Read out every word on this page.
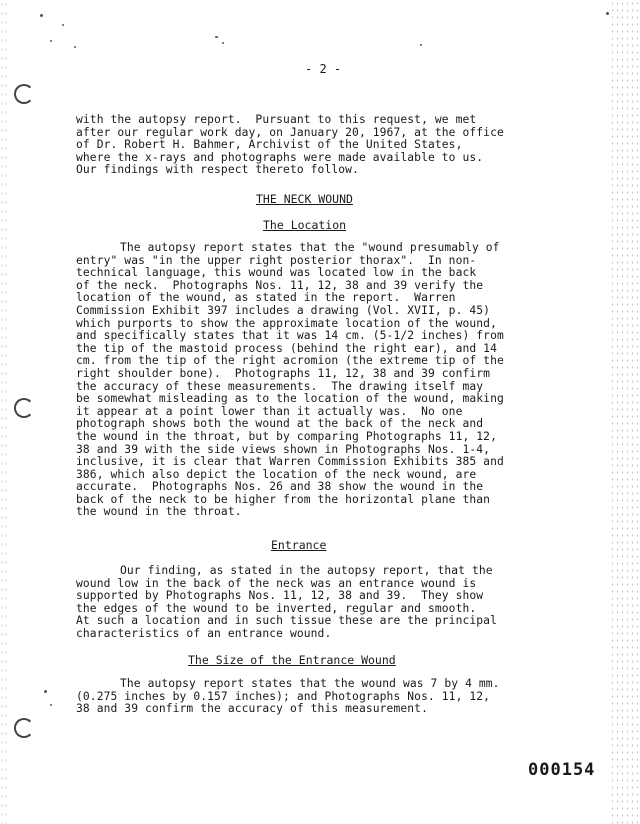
- 2 -
with the autopsy report.  Pursuant to this request, we met
after our regular work day, on January 20, 1967, at the office
of Dr. Robert H. Bahmer, Archivist of the United States,
where the x-rays and photographs were made available to us.
Our findings with respect thereto follow.
THE NECK WOUND
The Location
The autopsy report states that the "wound presumably of
entry" was "in the upper right posterior thorax".  In non-
technical language, this wound was located low in the back
of the neck.  Photographs Nos. 11, 12, 38 and 39 verify the
location of the wound, as stated in the report.  Warren
Commission Exhibit 397 includes a drawing (Vol. XVII, p. 45)
which purports to show the approximate location of the wound,
and specifically states that it was 14 cm. (5-1/2 inches) from
the tip of the mastoid process (behind the right ear), and 14
cm. from the tip of the right acromion (the extreme tip of the
right shoulder bone).  Photographs 11, 12, 38 and 39 confirm
the accuracy of these measurements.  The drawing itself may
be somewhat misleading as to the location of the wound, making
it appear at a point lower than it actually was.  No one
photograph shows both the wound at the back of the neck and
the wound in the throat, but by comparing Photographs 11, 12,
38 and 39 with the side views shown in Photographs Nos. 1-4,
inclusive, it is clear that Warren Commission Exhibits 385 and
386, which also depict the location of the neck wound, are
accurate.  Photographs Nos. 26 and 38 show the wound in the
back of the neck to be higher from the horizontal plane than
the wound in the throat.
Entrance
Our finding, as stated in the autopsy report, that the
wound low in the back of the neck was an entrance wound is
supported by Photographs Nos. 11, 12, 38 and 39.  They show
the edges of the wound to be inverted, regular and smooth.
At such a location and in such tissue these are the principal
characteristics of an entrance wound.
The Size of the Entrance Wound
The autopsy report states that the wound was 7 by 4 mm.
(0.275 inches by 0.157 inches); and Photographs Nos. 11, 12,
38 and 39 confirm the accuracy of this measurement.
000154
